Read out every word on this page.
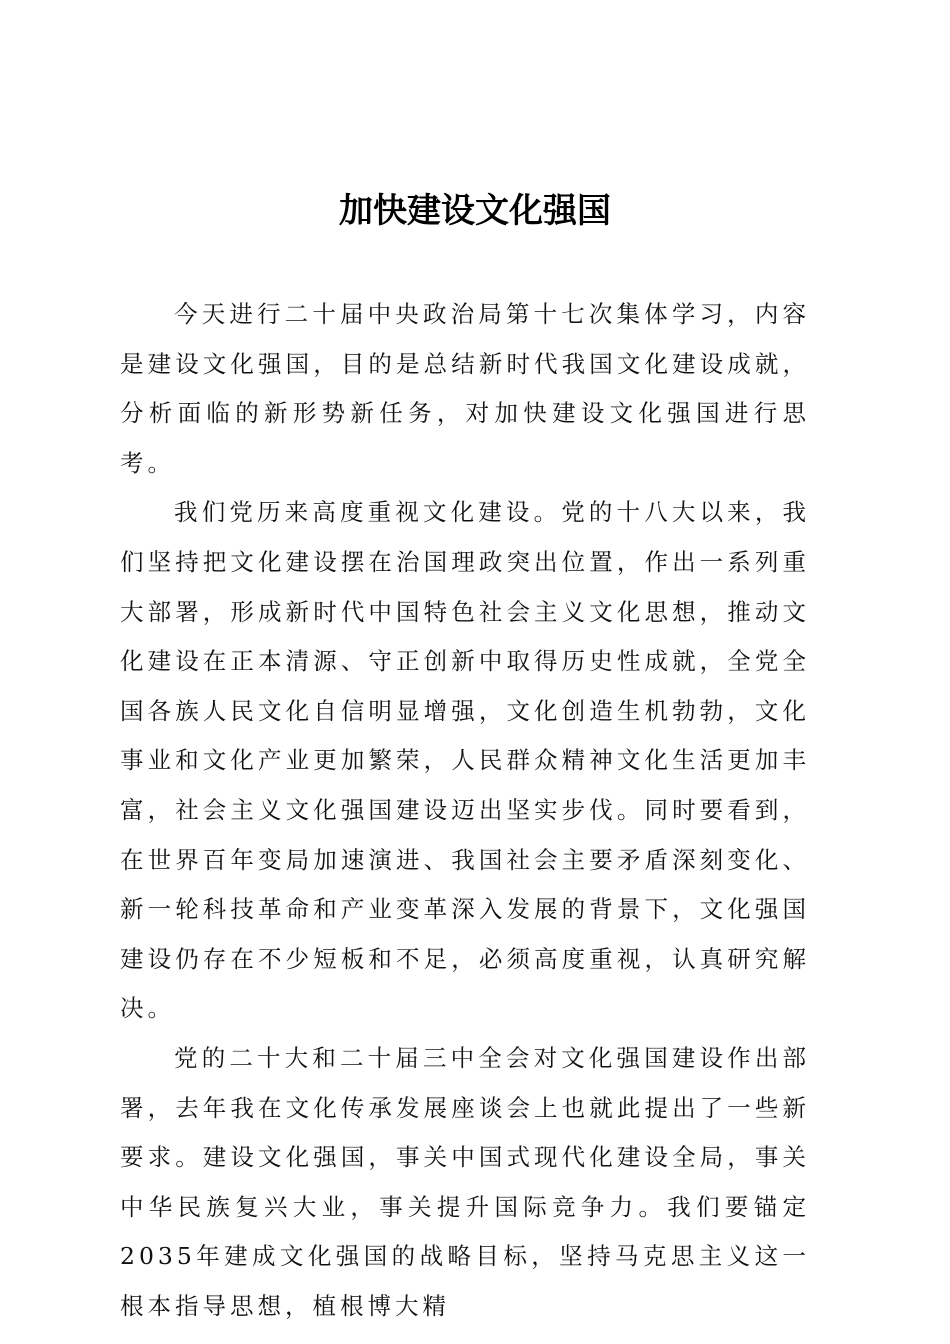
加快建设文化强国

今天进行二十届中央政治局第十七次集体学习，内容是建设文化强国，目的是总结新时代我国文化建设成就，分析面临的新形势新任务，对加快建设文化强国进行思考。

我们党历来高度重视文化建设。党的十八大以来，我们坚持把文化建设摆在治国理政突出位置，作出一系列重大部署，形成新时代中国特色社会主义文化思想，推动文化建设在正本清源、守正创新中取得历史性成就，全党全国各族人民文化自信明显增强，文化创造生机勃勃，文化事业和文化产业更加繁荣，人民群众精神文化生活更加丰富，社会主义文化强国建设迈出坚实步伐。同时要看到，在世界百年变局加速演进、我国社会主要矛盾深刻变化、新一轮科技革命和产业变革深入发展的背景下，文化强国建设仍存在不少短板和不足，必须高度重视，认真研究解决。

党的二十大和二十届三中全会对文化强国建设作出部署，去年我在文化传承发展座谈会上也就此提出了一些新要求。建设文化强国，事关中国式现代化建设全局，事关中华民族复兴大业，事关提升国际竞争力。我们要锚定2035年建成文化强国的战略目标，坚持马克思主义这一根本指导思想，植根博大精
